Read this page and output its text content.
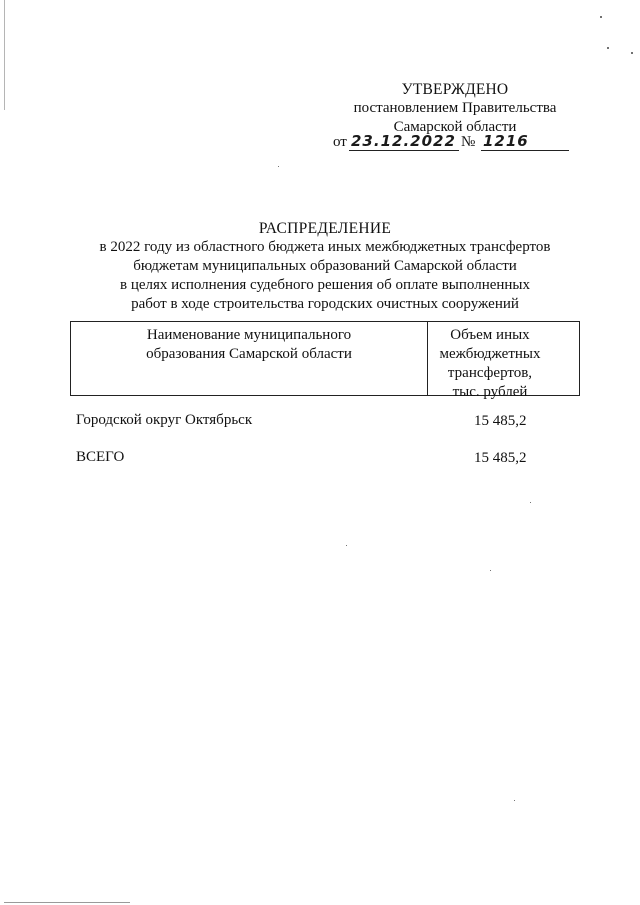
УТВЕРЖДЕНО
постановлением Правительства
Самарской области
от 23.12.2022 № 1216
РАСПРЕДЕЛЕНИЕ
в 2022 году из областного бюджета иных межбюджетных трансфертов
бюджетам муниципальных образований Самарской области
в целях исполнения судебного решения об оплате выполненных
работ в ходе строительства городских очистных сооружений
Наименование муниципального
образования Самарской области
Объем иных
межбюджетных
трансфертов,
тыс. рублей
Городской округ Октябрьск	15 485,2
ВСЕГО	15 485,2
